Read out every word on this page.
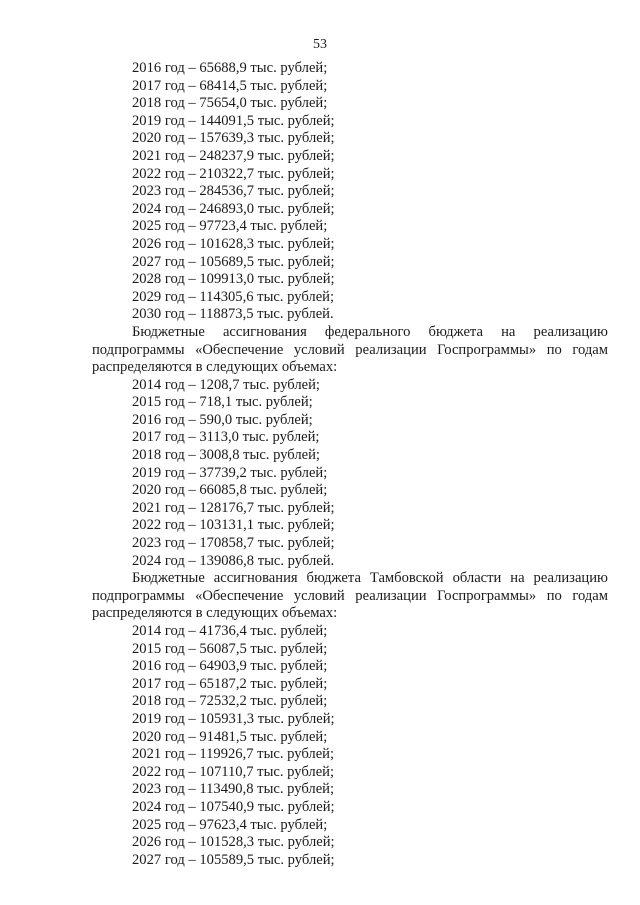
53

2016 год – 65688,9 тыс. рублей;

2017 год – 68414,5 тыс. рублей;

2018 год – 75654,0 тыс. рублей;

2019 год – 144091,5 тыс. рублей;

2020 год – 157639,3 тыс. рублей;

2021 год – 248237,9 тыс. рублей;

2022 год – 210322,7 тыс. рублей;

2023 год – 284536,7 тыс. рублей;

2024 год – 246893,0 тыс. рублей;

2025 год – 97723,4 тыс. рублей;

2026 год – 101628,3 тыс. рублей;

2027 год – 105689,5 тыс. рублей;

2028 год – 109913,0 тыс. рублей;

2029 год – 114305,6 тыс. рублей;

2030 год – 118873,5 тыс. рублей.

Бюджетные ассигнования федерального бюджета на реализацию
подпрограммы «Обеспечение условий реализации Госпрограммы» по годам

распределяются в следующих объемах:

2014 год – 1208,7 тыс. рублей;

2015 год – 718,1 тыс. рублей;

2016 год – 590,0 тыс. рублей;

2017 год – 3113,0 тыс. рублей;

2018 год – 3008,8 тыс. рублей;

2019 год – 37739,2 тыс. рублей;

2020 год – 66085,8 тыс. рублей;

2021 год – 128176,7 тыс. рублей;

2022 год – 103131,1 тыс. рублей;

2023 год – 170858,7 тыс. рублей;

2024 год – 139086,8 тыс. рублей.

Бюджетные ассигнования бюджета Тамбовской области на реализацию
подпрограммы «Обеспечение условий реализации Госпрограммы» по годам

распределяются в следующих объемах:

2014 год – 41736,4 тыс. рублей;

2015 год – 56087,5 тыс. рублей;

2016 год – 64903,9 тыс. рублей;

2017 год – 65187,2 тыс. рублей;

2018 год – 72532,2 тыс. рублей;

2019 год – 105931,3 тыс. рублей;

2020 год – 91481,5 тыс. рублей;

2021 год – 119926,7 тыс. рублей;

2022 год – 107110,7 тыс. рублей;

2023 год – 113490,8 тыс. рублей;

2024 год – 107540,9 тыс. рублей;

2025 год – 97623,4 тыс. рублей;

2026 год – 101528,3 тыс. рублей;

2027 год – 105589,5 тыс. рублей;
